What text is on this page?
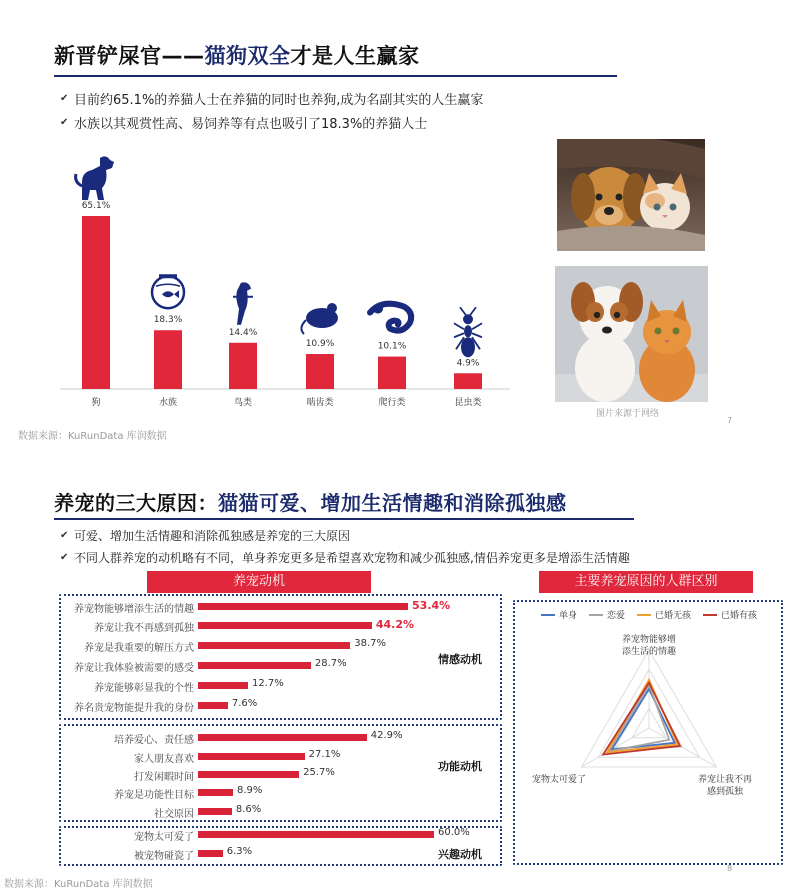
新晋铲屎官——猫狗双全才是人生赢家
✔ 目前约65.1%的养猫人士在养猫的同时也养狗,成为名副其实的人生赢家
✔ 水族以其观赏性高、易饲养等有点也吸引了18.3%的养猫人士
65.1%
狗
18.3%
水族
14.4%
鸟类
10.9%
啮齿类
10.1%
爬行类
4.9%
昆虫类
数据来源：KuRunData 库润数据
图片来源于网络
7
养宠的三大原因：猫猫可爱、增加生活情趣和消除孤独感
✔ 可爱、增加生活情趣和消除孤独感是养宠的三大原因
✔ 不同人群养宠的动机略有不同，单身养宠更多是希望喜欢宠物和减少孤独感,情侣养宠更多是增添生活情趣
养宠动机	主要养宠原因的人群区别
养宠物能够增添生活的情趣	53.4%
养宠让我不再感到孤独	44.2%
养宠是我重要的解压方式	38.7%
养宠让我体验被需要的感受	28.7%
养宠能够彰显我的个性	12.7%
养名贵宠物能提升我的身份	7.6%
培养爱心、责任感	42.9%
家人朋友喜欢	27.1%
打发闲暇时间	25.7%
养宠是功能性目标	8.9%
社交原因	8.6%
宠物太可爱了	60.0%
被宠物碰瓷了	6.3%
情感动机
功能动机
兴趣动机
单身	恋爱	已婚无孩	已婚有孩
养宠物能够增添生活的情趣
养宠让我不再感到孤独
宠物太可爱了
数据来源：KuRunData 库润数据
8
